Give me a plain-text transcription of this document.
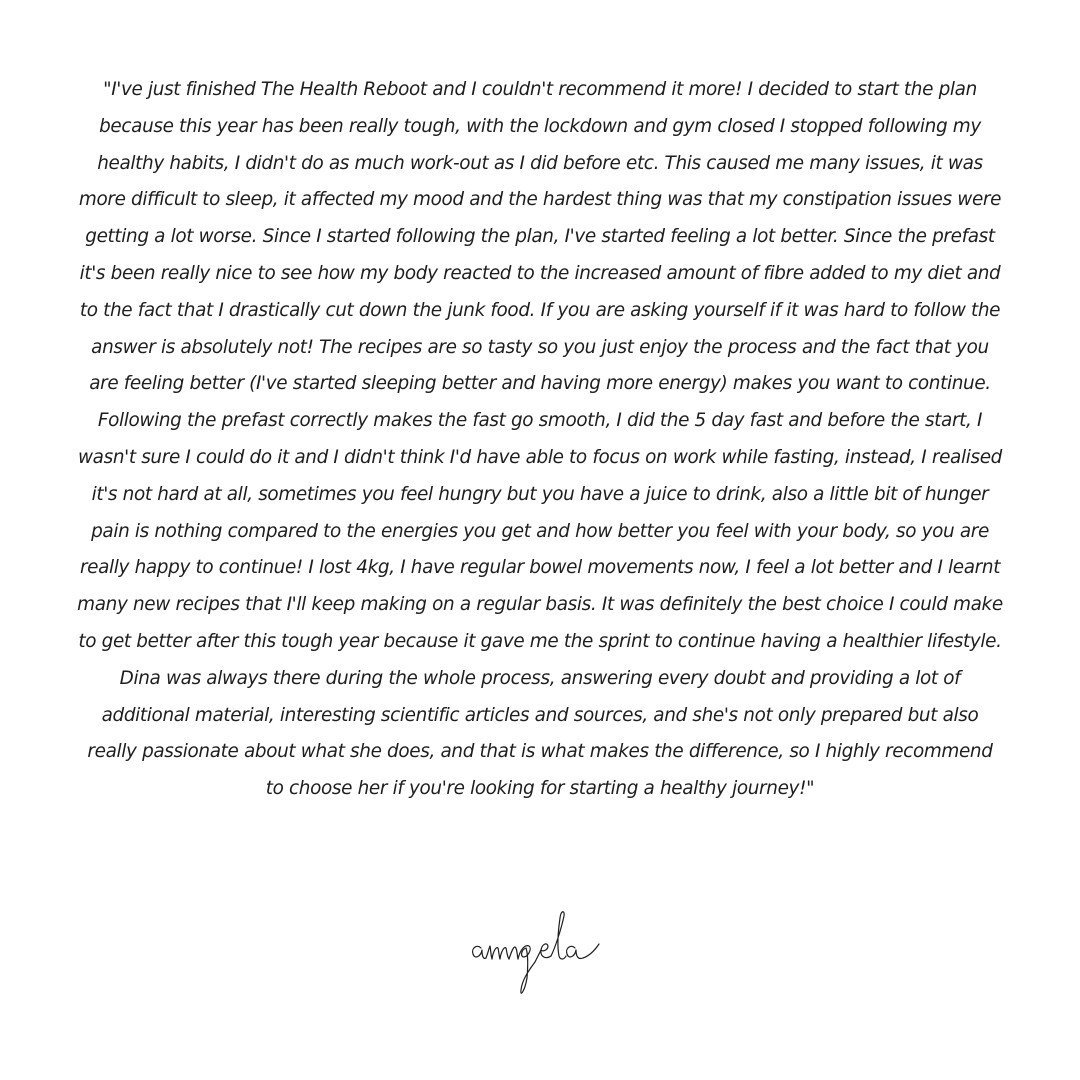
"I've just finished The Health Reboot and I couldn't recommend it more! I decided to start the plan because this year has been really tough, with the lockdown and gym closed I stopped following my healthy habits, I didn't do as much work-out as I did before etc. This caused me many issues, it was more difficult to sleep, it affected my mood and the hardest thing was that my constipation issues were getting a lot worse. Since I started following the plan, I've started feeling a lot better. Since the prefast it's been really nice to see how my body reacted to the increased amount of fibre added to my diet and to the fact that I drastically cut down the junk food. If you are asking yourself if it was hard to follow the answer is absolutely not! The recipes are so tasty so you just enjoy the process and the fact that you are feeling better (I've started sleeping better and having more energy) makes you want to continue. Following the prefast correctly makes the fast go smooth, I did the 5 day fast and before the start, I wasn't sure I could do it and I didn't think I'd have able to focus on work while fasting, instead, I realised it's not hard at all, sometimes you feel hungry but you have a juice to drink, also a little bit of hunger pain is nothing compared to the energies you get and how better you feel with your body, so you are really happy to continue! I lost 4kg, I have regular bowel movements now, I feel a lot better and I learnt many new recipes that I'll keep making on a regular basis. It was definitely the best choice I could make to get better after this tough year because it gave me the sprint to continue having a healthier lifestyle. Dina was always there during the whole process, answering every doubt and providing a lot of additional material, interesting scientific articles and sources, and she's not only prepared but also really passionate about what she does, and that is what makes the difference, so I highly recommend to choose her if you're looking for starting a healthy journey!"
